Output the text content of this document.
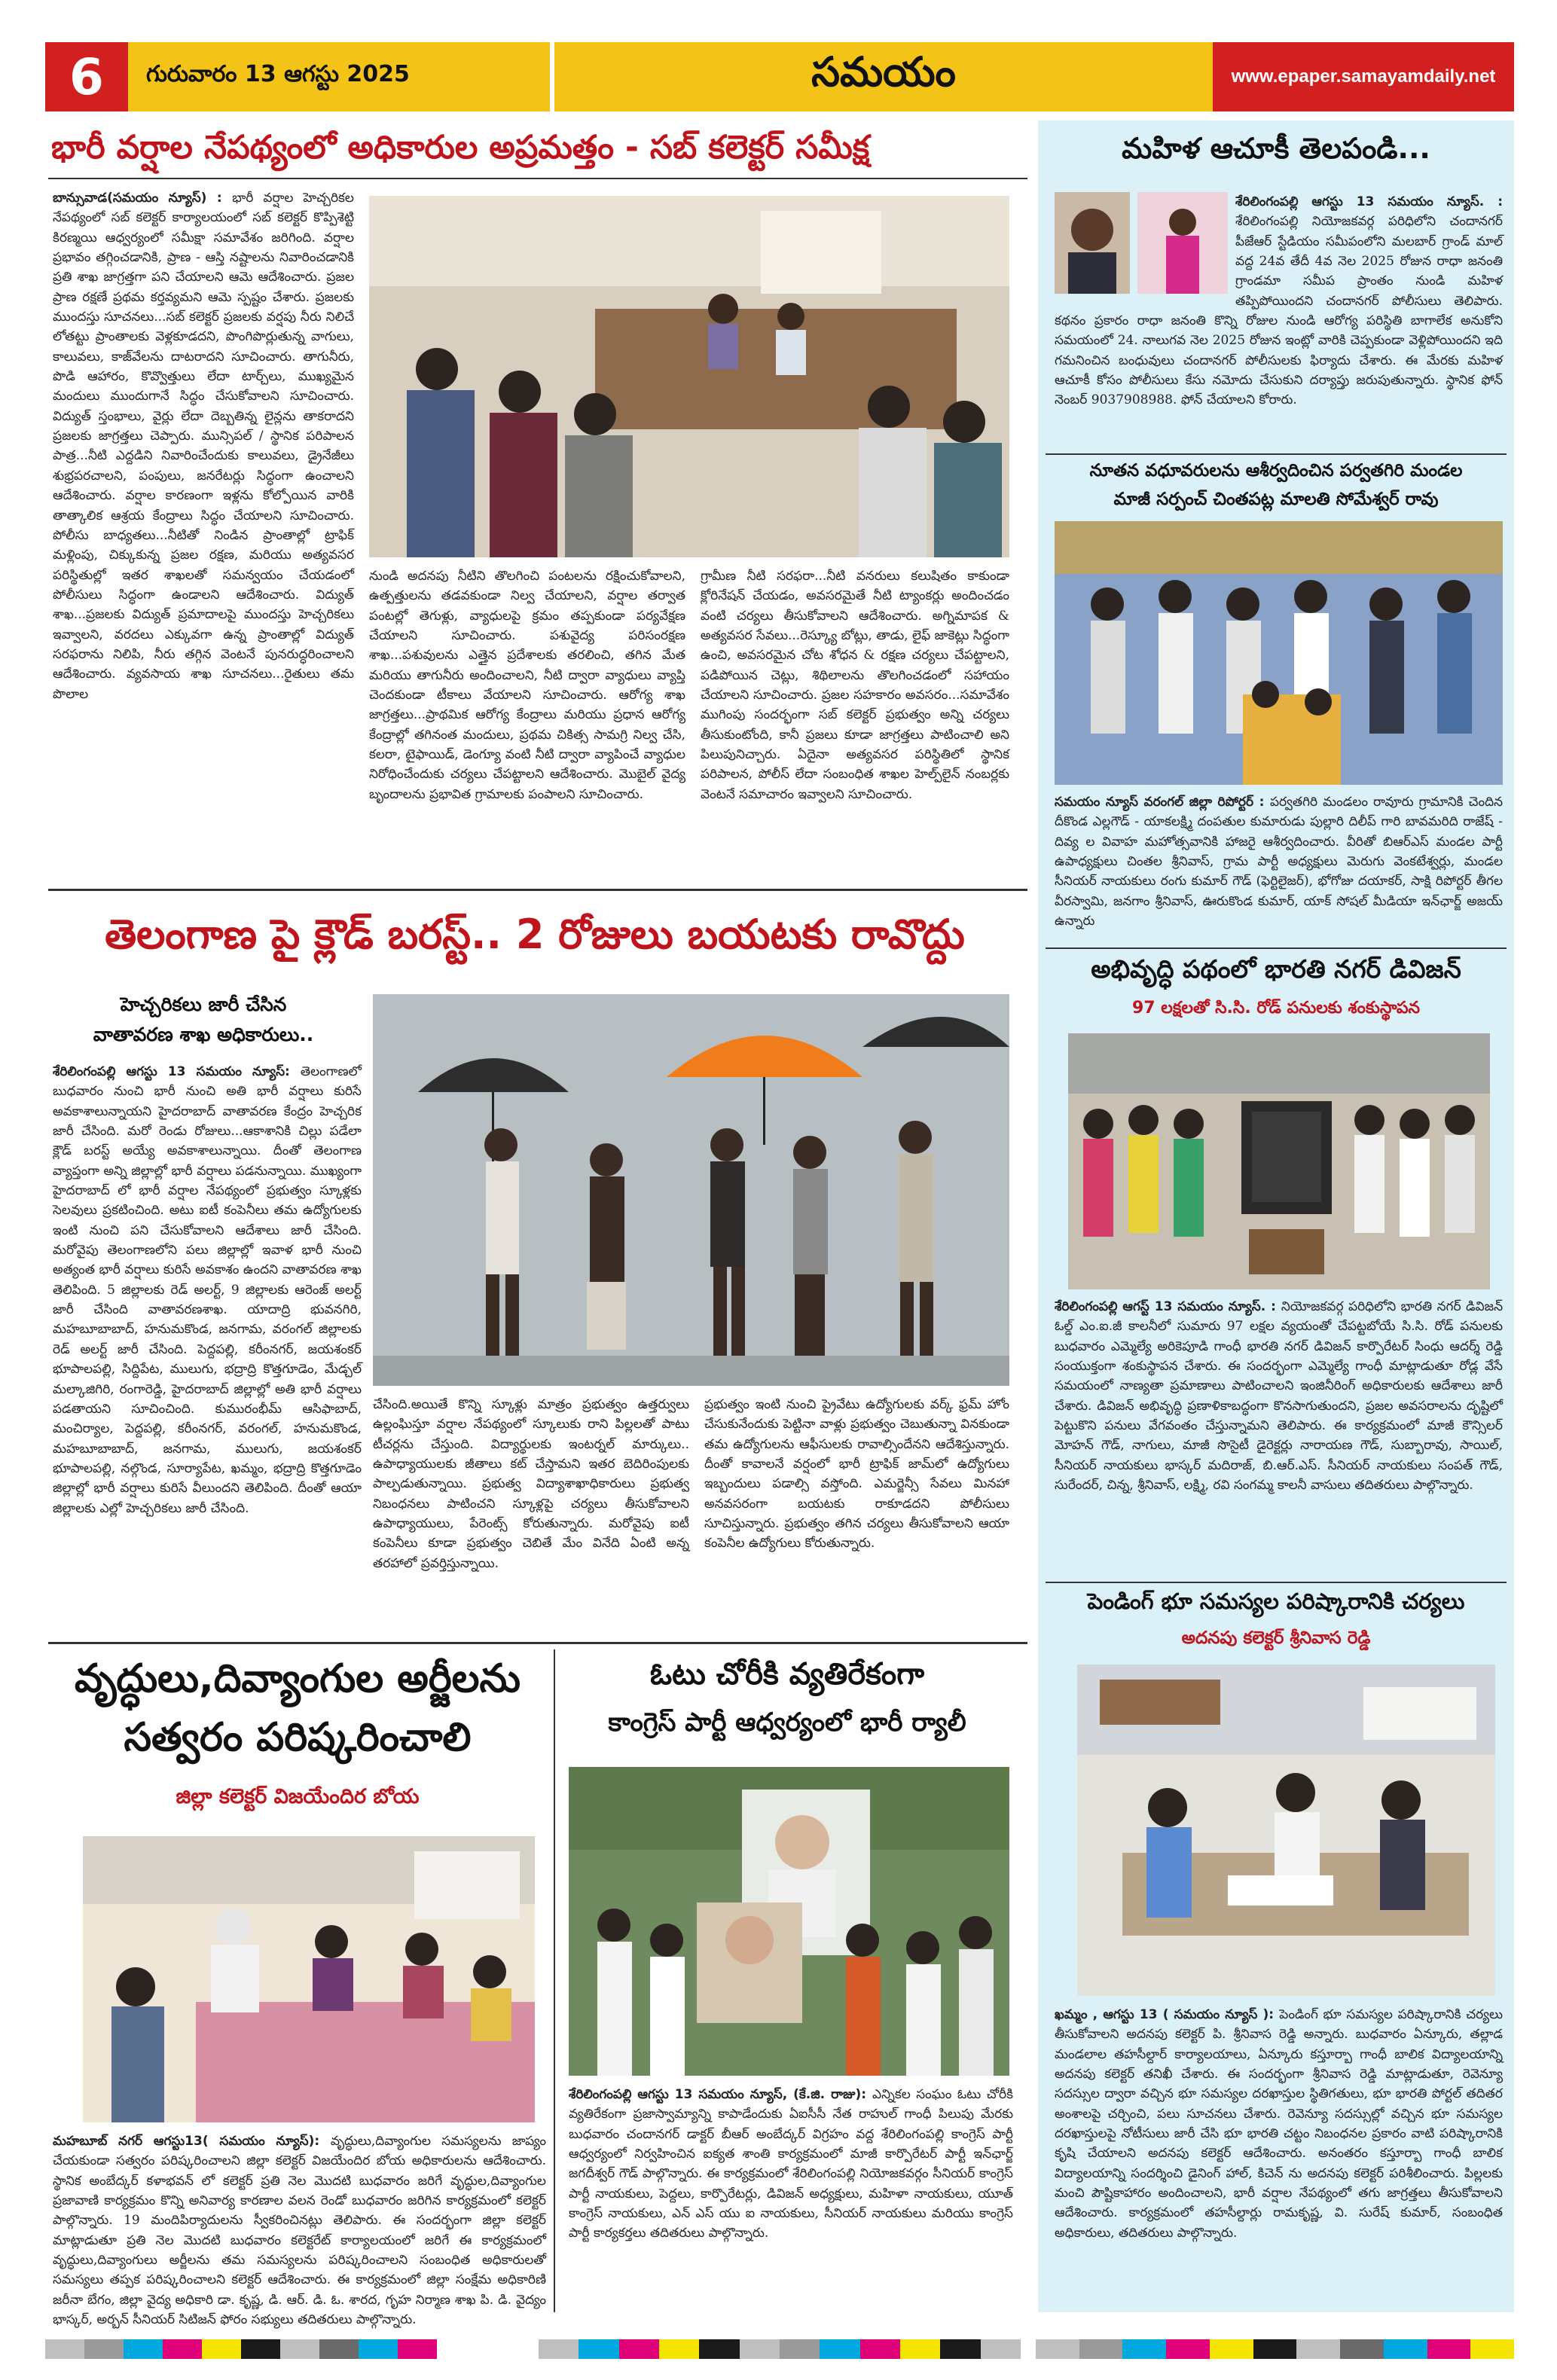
6	గురువారం 13 ఆగస్టు 2025	సమయం	www.epaper.samayamdaily.net
భారీ వర్షాల నేపథ్యంలో అధికారుల అప్రమత్తం - సబ్ కలెక్టర్ సమీక్ష
బాన్సువాడ(సమయం న్యూస్) : భారీ వర్షాల హెచ్చరికల నేపథ్యంలో సబ్ కలెక్టర్ కార్యాలయంలో సబ్ కలెక్టర్ కొప్పిశెట్టి కిరణ్మయి ఆధ్వర్యంలో సమీక్షా సమావేశం జరిగింది. వర్షాల ప్రభావం తగ్గించడానికి, ప్రాణ - ఆస్తి నష్టాలను నివారించడానికి ప్రతి శాఖ జాగ్రత్తగా పని చేయాలని ఆమె ఆదేశించారు. ప్రజల ప్రాణ రక్షణే ప్రథమ కర్తవ్యమని ఆమె స్పష్టం చేశారు. ప్రజలకు ముందస్తు సూచనలు...సబ్ కలెక్టర్ ప్రజలకు వర్షపు నీరు నిలిచే లోతట్టు ప్రాంతాలకు వెళ్లకూడదని, పొంగిపొర్లుతున్న వాగులు, కాలువలు, కాజ్‌వేలను దాటరాదని సూచించారు. తాగునీరు, పొడి ఆహారం, కొవ్వొత్తులు లేదా టార్చ్‌లు, ముఖ్యమైన మందులు ముందుగానే సిద్ధం చేసుకోవాలని సూచించారు. విద్యుత్ స్తంభాలు, వైర్లు లేదా దెబ్బతిన్న లైన్లను తాకరాదని ప్రజలకు జాగ్రత్తలు చెప్పారు. మున్సిపల్ / స్థానిక పరిపాలన పాత్ర...నీటి ఎద్దడిని నివారించేందుకు కాలువలు, డ్రైనేజీలు శుభ్రపరచాలని, పంపులు, జనరేటర్లు సిద్ధంగా ఉంచాలని ఆదేశించారు. వర్షాల కారణంగా ఇళ్లను కోల్పోయిన వారికి తాత్కాలిక ఆశ్రయ కేంద్రాలు సిద్ధం చేయాలని సూచించారు. పోలీసు బాధ్యతలు...నీటితో నిండిన ప్రాంతాల్లో ట్రాఫిక్ మళ్లింపు, చిక్కుకున్న ప్రజల రక్షణ, మరియు అత్యవసర పరిస్థితుల్లో ఇతర శాఖలతో సమన్వయం చేయడంలో పోలీసులు సిద్ధంగా ఉండాలని ఆదేశించారు. విద్యుత్ శాఖ...ప్రజలకు విద్యుత్ ప్రమాదాలపై ముందస్తు హెచ్చరికలు ఇవ్వాలని, వరదలు ఎక్కువగా ఉన్న ప్రాంతాల్లో విద్యుత్ సరఫరాను నిలిపి, నీరు తగ్గిన వెంటనే పునరుద్ధరించాలని ఆదేశించారు. వ్యవసాయ శాఖ సూచనలు...రైతులు తమ పొలాల
నుండి అదనపు నీటిని తొలగించి పంటలను రక్షించుకోవాలని, ఉత్పత్తులను తడవకుండా నిల్వ చేయాలని, వర్షాల తర్వాత పంటల్లో తెగుళ్లు, వ్యాధులపై క్రమం తప్పకుండా పర్యవేక్షణ చేయాలని సూచించారు. పశువైద్య పరిసంరక్షణ శాఖ...పశువులను ఎత్తైన ప్రదేశాలకు తరలించి, తగిన మేత మరియు తాగునీరు అందించాలని, నీటి ద్వారా వ్యాధులు వ్యాప్తి చెందకుండా టీకాలు వేయాలని సూచించారు. ఆరోగ్య శాఖ జాగ్రత్తలు...ప్రాథమిక ఆరోగ్య కేంద్రాలు మరియు ప్రధాన ఆరోగ్య కేంద్రాల్లో తగినంత మందులు, ప్రథమ చికిత్స సామగ్రి నిల్వ చేసి, కలరా, టైఫాయిడ్, డెంగ్యూ వంటి నీటి ద్వారా వ్యాపించే వ్యాధుల నిరోధించేందుకు చర్యలు చేపట్టాలని ఆదేశించారు. మొబైల్ వైద్య బృందాలను ప్రభావిత గ్రామాలకు పంపాలని సూచించారు.
గ్రామీణ నీటి సరఫరా...నీటి వనరులు కలుషితం కాకుండా క్లోరినేషన్ చేయడం, అవసరమైతే నీటి ట్యాంకర్లు అందించడం వంటి చర్యలు తీసుకోవాలని ఆదేశించారు. అగ్నిమాపక & అత్యవసర సేవలు...రెస్క్యూ బోట్లు, తాడు, లైఫ్ జాకెట్లు సిద్ధంగా ఉంచి, అవసరమైన చోట శోధన & రక్షణ చర్యలు చేపట్టాలని, పడిపోయిన చెట్లు, శిథిలాలను తొలగించడంలో సహాయం చేయాలని సూచించారు. ప్రజల సహకారం అవసరం...సమావేశం ముగింపు సందర్భంగా సబ్ కలెక్టర్ ప్రభుత్వం అన్ని చర్యలు తీసుకుంటోంది, కానీ ప్రజలు కూడా జాగ్రత్తలు పాటించాలి అని పిలుపునిచ్చారు. ఏదైనా అత్యవసర పరిస్థితిలో స్థానిక పరిపాలన, పోలీస్ లేదా సంబంధిత శాఖల హెల్ప్‌లైన్ నంబర్లకు వెంటనే సమాచారం ఇవ్వాలని సూచించారు.
తెలంగాణ పై క్లౌడ్ బరస్ట్.. 2 రోజులు బయటకు రావొద్దు
హెచ్చరికలు జారీ చేసిన
వాతావరణ శాఖ అధికారులు..
శేరిలింగంపల్లి ఆగస్టు 13 సమయం న్యూస్: తెలంగాణలో బుధవారం నుంచి భారీ నుంచి అతి భారీ వర్షాలు కురిసే అవకాశాలున్నాయని హైదరాబాద్ వాతావరణ కేంద్రం హెచ్చరిక జారీ చేసింది. మరో రెండు రోజులు...ఆకాశానికి చిల్లు పడేలా క్లౌడ్ బరస్ట్ అయ్యే అవకాశాలున్నాయి. దీంతో తెలంగాణ వ్యాప్తంగా అన్ని జిల్లాల్లో భారీ వర్షాలు పడనున్నాయి. ముఖ్యంగా హైదరాబాద్ లో భారీ వర్షాల నేపథ్యంలో ప్రభుత్వం స్కూళ్లకు సెలవులు ప్రకటించింది. అటు ఐటీ కంపెనీలు తమ ఉద్యోగులకు ఇంటి నుంచి పని చేసుకోవాలని ఆదేశాలు జారీ చేసింది. మరోవైపు తెలంగాణలోని పలు జిల్లాల్లో ఇవాళ భారీ నుంచి అత్యంత భారీ వర్షాలు కురిసే అవకాశం ఉందని వాతావరణ శాఖ తెలిపింది. 5 జిల్లాలకు రెడ్ అలర్ట్, 9 జిల్లాలకు ఆరెంజ్ అలర్ట్ జారీ చేసింది వాతావరణశాఖ. యాదాద్రి భువనగిరి, మహబూబాబాద్, హనుమకొండ, జనగామ, వరంగల్ జిల్లాలకు రెడ్ అలర్ట్ జారీ చేసింది. పెద్దపల్లి, కరీంనగర్, జయశంకర్ భూపాలపల్లి, సిద్దిపేట, ములుగు, భద్రాద్రి కొత్తగూడెం, మేడ్చల్ మల్కాజిగిరి, రంగారెడ్డి, హైదరాబాద్ జిల్లాల్లో అతి భారీ వర్షాలు పడతాయని సూచించింది. కుమురంభీమ్ ఆసిఫాబాద్, మంచిర్యాల, పెద్దపల్లి, కరీంనగర్, వరంగల్, హనుమకొండ, మహబూబాబాద్, జనగామ, ములుగు, జయశంకర్ భూపాలపల్లి, నల్గొండ, సూర్యాపేట, ఖమ్మం, భద్రాద్రి కొత్తగూడెం జిల్లాల్లో భారీ వర్షాలు కురిసే వీలుందని తెలిపింది. దీంతో ఆయా జిల్లాలకు ఎల్లో హెచ్చరికలు జారీ చేసింది.
చేసింది.అయితే కొన్ని స్కూళ్లు మాత్రం ప్రభుత్వం ఉత్తర్వులు ఉల్లంఘిస్తూ వర్షాల నేపథ్యంలో స్కూలుకు రాని పిల్లలతో పాటు టీచర్లను చేస్తుంది. విద్యార్థులకు ఇంటర్నల్ మార్కులు.. ఉపాధ్యాయులకు జీతాలు కట్ చేస్తామని ఇతర బెదిరింపులకు పాల్పడుతున్నాయి. ప్రభుత్వ విద్యాశాఖాధికారులు ప్రభుత్వ నిబంధనలు పాటించని స్కూళ్లపై చర్యలు తీసుకోవాలని ఉపాధ్యాయులు, పేరెంట్స్ కోరుతున్నారు. మరోవైపు ఐటీ కంపెనీలు కూడా ప్రభుత్వం చెబితే మేం వినేది ఏంటి అన్న తరహాలో ప్రవర్తిస్తున్నాయి.
ప్రభుత్వం ఇంటి నుంచి ప్రైవేటు ఉద్యోగులకు వర్క్ ఫ్రమ్ హోం చేసుకునేందుకు పెట్టినా వాళ్లు ప్రభుత్వం చెబుతున్నా వినకుండా తమ ఉద్యోగులను ఆఫీసులకు రావాల్సిందేనని ఆదేశిస్తున్నారు. దీంతో కావాలనే వర్షంలో భారీ ట్రాఫిక్ జామ్‌లో ఉద్యోగులు ఇబ్బందులు పడాల్సి వస్తోంది. ఎమర్జెన్సీ సేవలు మినహా అనవసరంగా బయటకు రాకూడదని పోలీసులు సూచిస్తున్నారు. ప్రభుత్వం తగిన చర్యలు తీసుకోవాలని ఆయా కంపెనీల ఉద్యోగులు కోరుతున్నారు.
వృద్ధులు,దివ్యాంగుల అర్జీలను
సత్వరం పరిష్కరించాలి
జిల్లా కలెక్టర్ విజయేందిర బోయ
మహబూబ్ నగర్ ఆగస్టు13( సమయం న్యూస్): వృద్ధులు,దివ్యాంగుల సమస్యలను జాప్యం చేయకుండా సత్వరం పరిష్కరించాలని జిల్లా కలెక్టర్ విజయేందిర బోయ అధికారులను ఆదేశించారు. స్థానిక అంబేద్కర్ కళాభవన్ లో కలెక్టర్ ప్రతి నెల మొదటి బుధవారం జరిగే వృద్ధుల,దివ్యాంగుల ప్రజావాణి కార్యక్రమం కొన్ని అనివార్య కారణాల వలన రెండో బుధవారం జరిగిన కార్యక్రమంలో కలెక్టర్ పాల్గొన్నారు. 19 మందిపిర్యాదులను స్వీకరించినట్లు తెలిపారు. ఈ సందర్భంగా జిల్లా కలెక్టర్ మాట్లాడుతూ ప్రతి నెల మొదటి బుధవారం కలెక్టరేట్ కార్యాలయంలో జరిగే ఈ కార్యక్రమంలో వృద్ధులు,దివ్యాంగులు అర్జీలను తమ సమస్యలను పరిష్కరించాలని సంబంధిత అధికారులతో సమస్యలు తప్పక పరిష్కరించాలని కలెక్టర్ ఆదేశించారు. ఈ కార్యక్రమంలో జిల్లా సంక్షేమ అధికారిణి జరీనా బేగం, జిల్లా వైద్య అధికారి డా. కృష్ణ, డి. ఆర్. డి. ఓ. శారద, గృహ నిర్మాణ శాఖ పి. డి. వైద్యం భాస్కర్, అర్బన్ సీనియర్ సిటిజన్ ఫోరం సభ్యులు తదితరులు పాల్గొన్నారు.
ఓటు చోరీకి వ్యతిరేకంగా
కాంగ్రెస్ పార్టీ ఆధ్వర్యంలో భారీ ర్యాలీ
శేరిలింగంపల్లి ఆగస్టు 13 సమయం న్యూస్, (కే.జి. రాజు): ఎన్నికల సంఘం ఓటు చోరీకి వ్యతిరేకంగా ప్రజాస్వామ్యాన్ని కాపాడేందుకు ఏఐసీసీ నేత రాహుల్ గాంధీ పిలుపు మేరకు బుధవారం చందానగర్ డాక్టర్ బీఆర్ అంబేద్కర్ విగ్రహం వద్ద శేరిలింగంపల్లి కాంగ్రెస్ పార్టీ ఆధ్వర్యంలో నిర్వహించిన ఐక్యత శాంతి కార్యక్రమంలో మాజీ కార్పొరేటర్ పార్టీ ఇన్‌ఛార్జ్ జగదీశ్వర్ గౌడ్ పాల్గొన్నారు. ఈ కార్యక్రమంలో శేరిలింగంపల్లి నియోజకవర్గం సీనియర్ కాంగ్రెస్ పార్టీ నాయకులు, పెద్దలు, కార్పొరేటర్లు, డివిజన్ అధ్యక్షులు, మహిళా నాయకులు, యూత్ కాంగ్రెస్ నాయకులు, ఎన్ ఎస్ యు ఐ నాయకులు, సీనియర్ నాయకులు మరియు కాంగ్రెస్ పార్టీ కార్యకర్తలు తదితరులు పాల్గొన్నారు.
మహిళ ఆచూకీ తెలపండి...
శేరిలింగంపల్లి ఆగస్టు 13 సమయం న్యూస్. : శేరిలింగంపల్లి నియోజకవర్గ పరిధిలోని చందానగర్ పీజేఆర్ స్టేడియం సమీపంలోని మలబార్ గ్రాండ్ మాల్ వద్ద 24వ తేదీ 4వ నెల 2025 రోజున రాధా జనంతి గ్రాండమా సమీప ప్రాంతం నుండి మహిళ తప్పిపోయిందని చందానగర్ పోలీసులు తెలిపారు. కథనం ప్రకారం రాధా జనంతి కొన్ని రోజుల నుండి ఆరోగ్య పరిస్థితి బాగాలేక అనుకోని సమయంలో 24. నాలుగవ నెల 2025 రోజున ఇంట్లో వారికి చెప్పకుండా వెళ్లిపోయిందని ఇది గమనించిన బంధువులు చందానగర్ పోలీసులకు ఫిర్యాదు చేశారు. ఈ మేరకు మహిళ ఆచూకీ కోసం పోలీసులు కేసు నమోదు చేసుకుని దర్యాప్తు జరుపుతున్నారు. స్థానిక ఫోన్ నెంబర్ 9037908988. ఫోన్ చేయాలని కోరారు.
నూతన వధూవరులను ఆశీర్వదించిన పర్వతగిరి మండల
మాజీ సర్పంచ్ చింతపట్ల మాలతి సోమేశ్వర్ రావు
సమయం న్యూస్ వరంగల్ జిల్లా రిపోర్టర్ : పర్వతగిరి మండలం రావూరు గ్రామానికి చెందిన దీకొండ ఎల్లగౌడ్ - యాకలక్ష్మి దంపతుల కుమారుడు పుల్లారి దిలీప్ గారి బావమరిది రాజేష్ - దివ్య ల వివాహ మహోత్సవానికి హాజరై ఆశీర్వదించారు. వీరితో బిఆర్ఎస్ మండల పార్టీ ఉపాధ్యక్షులు చింతల శ్రీనివాస్, గ్రామ పార్టీ అధ్యక్షులు మెరుగు వెంకటేశ్వర్లు, మండల సీనియర్ నాయకులు రంగు కుమార్ గౌడ్ (ఫెర్టిలైజర్), భోగోజు దయాకర్, సాక్షి రిపోర్టర్ తీగల వీరస్వామి, జనగాం శ్రీనివాస్, ఊరుకొండ కుమార్, యాక్ సోషల్ మీడియా ఇన్‌ఛార్జ్ అజయ్ ఉన్నారు
అభివృద్ధి పథంలో భారతి నగర్ డివిజన్
97 లక్షలతో సి.సి. రోడ్ పనులకు శంకుస్థాపన
శేరిలింగంపల్లి ఆగస్ట్ 13 సమయం న్యూస్. : నియోజకవర్గ పరిధిలోని భారతి నగర్ డివిజన్ ఓల్డ్ ఎం.ఐ.జీ కాలనీలో సుమారు 97 లక్షల వ్యయంతో చేపట్టబోయే సి.సి. రోడ్ పనులకు బుధవారం ఎమ్మెల్యే అరికెపూడి గాంధీ భారతి నగర్ డివిజన్ కార్పొరేటర్ సింధు ఆదర్శ్ రెడ్డి సంయుక్తంగా శంకుస్థాపన చేశారు. ఈ సందర్భంగా ఎమ్మెల్యే గాంధీ మాట్లాడుతూ రోడ్ల వేసే సమయంలో నాణ్యతా ప్రమాణాలు పాటించాలని ఇంజినీరింగ్ అధికారులకు ఆదేశాలు జారీ చేశారు. డివిజన్ అభివృద్ధి ప్రణాళికాబద్ధంగా కొనసాగుతుందని, ప్రజల అవసరాలను దృష్టిలో పెట్టుకొని పనులు వేగవంతం చేస్తున్నామని తెలిపారు. ఈ కార్యక్రమంలో మాజీ కౌన్సిలర్ మోహన్ గౌడ్, నాగులు, మాజీ సొసైటీ డైరెక్టర్లు నారాయణ గౌడ్, సుబ్బారావు, సాయిల్, సీనియర్ నాయకులు భాస్కర్ మదిరాజ్, బి.ఆర్.ఎస్. సీనియర్ నాయకులు సంపత్ గౌడ్, సురేందర్, చిన్న, శ్రీనివాస్, లక్ష్మి, రవి సంగమ్మ కాలనీ వాసులు తదితరులు పాల్గొన్నారు.
పెండింగ్ భూ సమస్యల పరిష్కారానికి చర్యలు
అదనపు కలెక్టర్ శ్రీనివాస రెడ్డి
ఖమ్మం , ఆగస్టు 13 ( సమయం న్యూస్ ): పెండింగ్ భూ సమస్యల పరిష్కారానికి చర్యలు తీసుకోవాలని అదనపు కలెక్టర్ పి. శ్రీనివాస రెడ్డి అన్నారు. బుధవారం ఏన్కూరు, తల్లాడ మండలాల తహసీల్దార్ కార్యాలయాలు, ఏన్కూరు కస్తూర్బా గాంధీ బాలిక విద్యాలయాన్ని అదనపు కలెక్టర్ తనిఖీ చేశారు. ఈ సందర్భంగా శ్రీనివాస రెడ్డి మాట్లాడుతూ, రెవెన్యూ సదస్సుల ద్వారా వచ్చిన భూ సమస్యల దరఖాస్తుల స్థితిగతులు, భూ భారతి పోర్టల్ తదితర అంశాలపై చర్చించి, పలు సూచనలు చేశారు. రెవెన్యూ సదస్సుల్లో వచ్చిన భూ సమస్యల దరఖాస్తులపై నోటీసులు జారీ చేసి భూ భారతి చట్టం నిబంధనల ప్రకారం వాటి పరిష్కారానికి కృషి చేయాలని అదనపు కలెక్టర్ ఆదేశించారు. అనంతరం కస్తూర్బా గాంధీ బాలిక విద్యాలయాన్ని సందర్శించి డైనింగ్ హాల్, కిచెన్ ను అదనపు కలెక్టర్ పరిశీలించారు. పిల్లలకు మంచి పౌష్టికాహారం అందించాలని, భారీ వర్షాల నేపథ్యంలో తగు జాగ్రత్తలు తీసుకోవాలని ఆదేశించారు. కార్యక్రమంలో తహసీల్దార్లు రామకృష్ణ, వి. సురేష్ కుమార్, సంబంధిత అధికారులు, తదితరులు పాల్గొన్నారు.
